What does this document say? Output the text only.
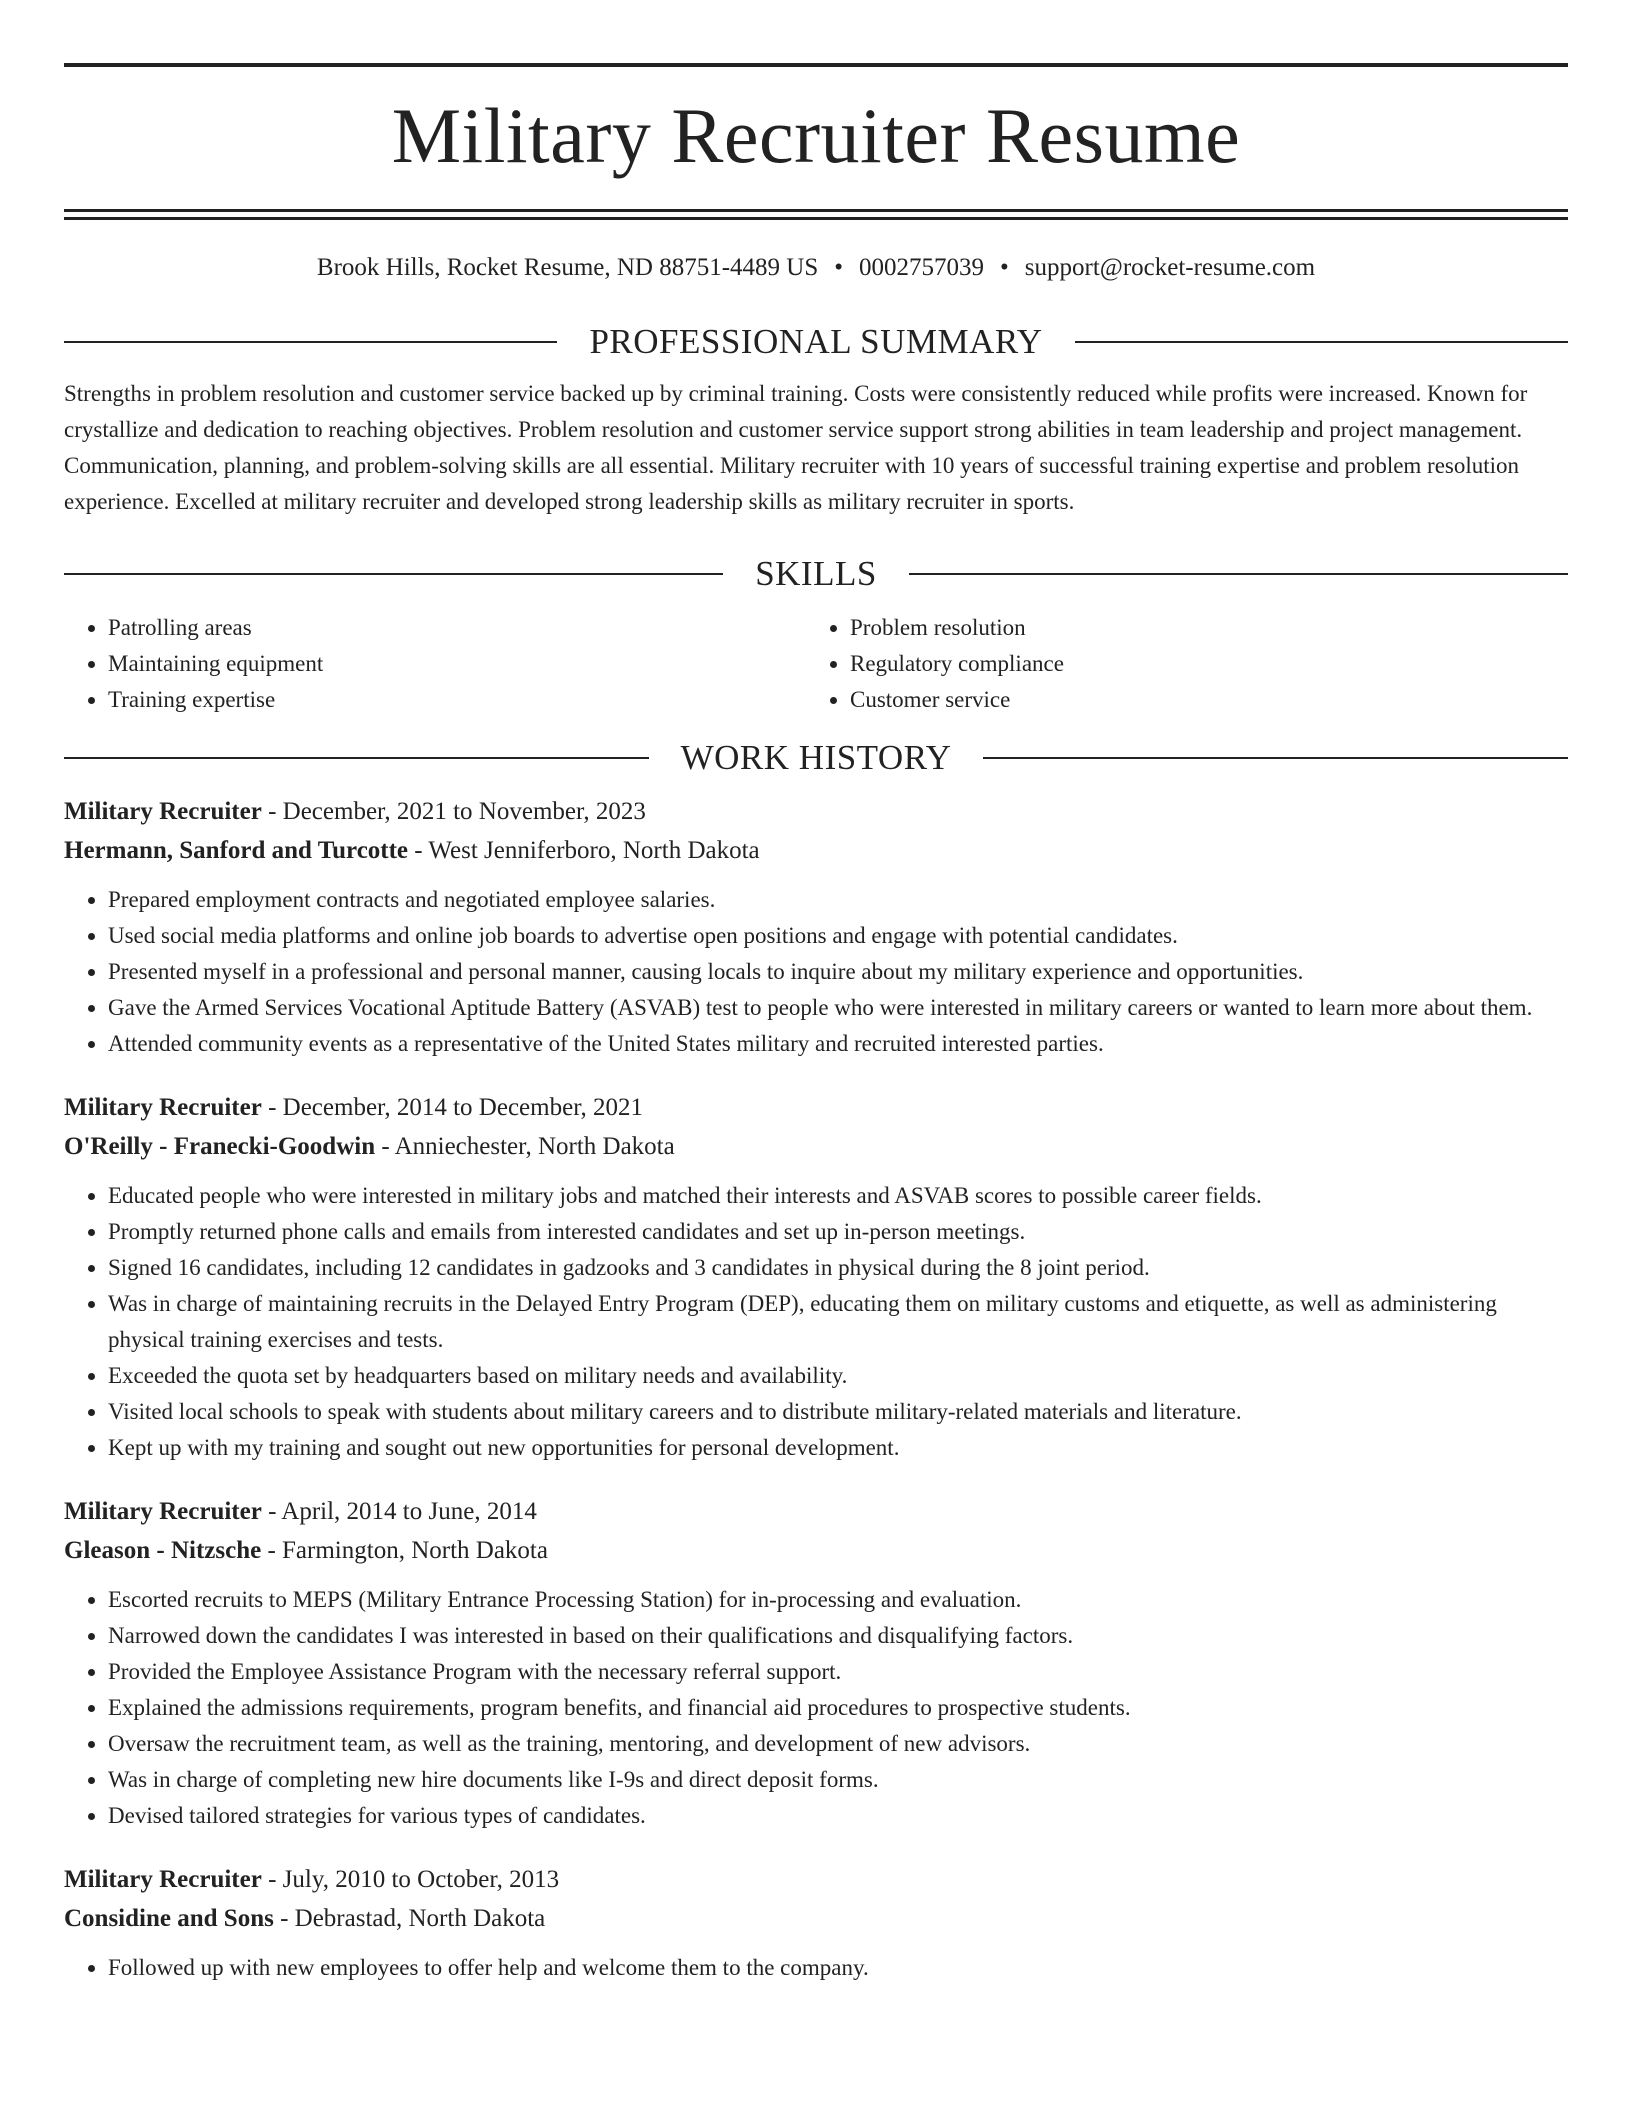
Military Recruiter Resume
Brook Hills, Rocket Resume, ND 88751-4489 US • 0002757039 • support@rocket-resume.com
PROFESSIONAL SUMMARY
Strengths in problem resolution and customer service backed up by criminal training. Costs were consistently reduced while profits were increased. Known for crystallize and dedication to reaching objectives. Problem resolution and customer service support strong abilities in team leadership and project management. Communication, planning, and problem-solving skills are all essential. Military recruiter with 10 years of successful training expertise and problem resolution experience. Excelled at military recruiter and developed strong leadership skills as military recruiter in sports.
SKILLS
• Patrolling areas
• Maintaining equipment
• Training expertise
• Problem resolution
• Regulatory compliance
• Customer service
WORK HISTORY
Military Recruiter - December, 2021 to November, 2023
Hermann, Sanford and Turcotte - West Jenniferboro, North Dakota
• Prepared employment contracts and negotiated employee salaries.
• Used social media platforms and online job boards to advertise open positions and engage with potential candidates.
• Presented myself in a professional and personal manner, causing locals to inquire about my military experience and opportunities.
• Gave the Armed Services Vocational Aptitude Battery (ASVAB) test to people who were interested in military careers or wanted to learn more about them.
• Attended community events as a representative of the United States military and recruited interested parties.
Military Recruiter - December, 2014 to December, 2021
O'Reilly - Franecki-Goodwin - Anniechester, North Dakota
• Educated people who were interested in military jobs and matched their interests and ASVAB scores to possible career fields.
• Promptly returned phone calls and emails from interested candidates and set up in-person meetings.
• Signed 16 candidates, including 12 candidates in gadzooks and 3 candidates in physical during the 8 joint period.
• Was in charge of maintaining recruits in the Delayed Entry Program (DEP), educating them on military customs and etiquette, as well as administering physical training exercises and tests.
• Exceeded the quota set by headquarters based on military needs and availability.
• Visited local schools to speak with students about military careers and to distribute military-related materials and literature.
• Kept up with my training and sought out new opportunities for personal development.
Military Recruiter - April, 2014 to June, 2014
Gleason - Nitzsche - Farmington, North Dakota
• Escorted recruits to MEPS (Military Entrance Processing Station) for in-processing and evaluation.
• Narrowed down the candidates I was interested in based on their qualifications and disqualifying factors.
• Provided the Employee Assistance Program with the necessary referral support.
• Explained the admissions requirements, program benefits, and financial aid procedures to prospective students.
• Oversaw the recruitment team, as well as the training, mentoring, and development of new advisors.
• Was in charge of completing new hire documents like I-9s and direct deposit forms.
• Devised tailored strategies for various types of candidates.
Military Recruiter - July, 2010 to October, 2013
Considine and Sons - Debrastad, North Dakota
• Followed up with new employees to offer help and welcome them to the company.
